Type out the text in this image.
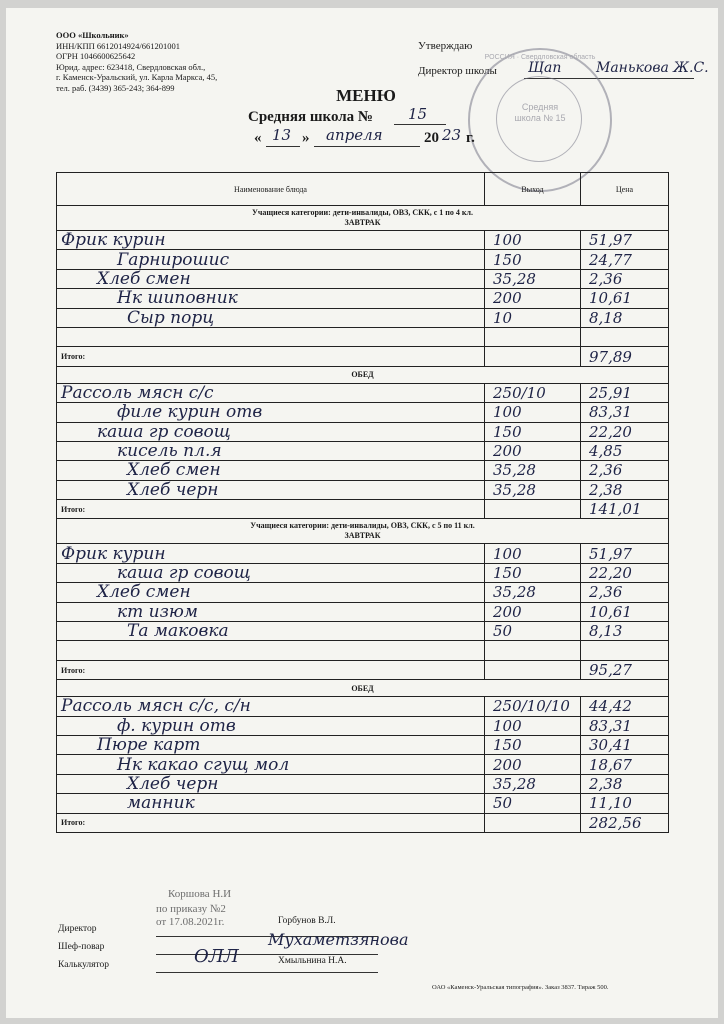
ООО «Школьник»
ИНН/КПП 6612014924/661201001
ОГРН 1046600625642
Юрид. адрес: 623418, Свердловская обл.,
г. Каменск-Уральский, ул. Карла Маркса, 45,
тел. раб. (3439) 365-243; 364-899
Утверждаю
Директор школы Щап Манькова Ж.С.
РОССИЯ · Свердловская область
Средняя школа № 15
МЕНЮ
Средняя школа № 15
« 13 » апреля	20 23 г.
Наименование блюда	Выход	Цена

Учащиеся категории: дети-инвалиды, ОВЗ, СКК, с 1 по 4 кл.
ЗАВТРАК		

Фрик курин	100	51,97

Гарнирошис	150	24,77

Хлеб смен	35,28	2,36

Нк шиповник	200	10,61

Сыр порц	10	8,18

Итого:		97,89

ОБЕД		

Рассоль мясн с/с	250/10	25,91

филе курин отв	100	83,31

каша гр совощ	150	22,20

кисель пл.я	200	4,85

Хлеб смен	35,28	2,36

Хлеб черн	35,28	2,38

Итого:		141,01

Учащиеся категории: дети-инвалиды, ОВЗ, СКК, с 5 по 11 кл.
ЗАВТРАК		

Фрик курин	100	51,97

каша гр совощ	150	22,20

Хлеб смен	35,28	2,36

кт изюм	200	10,61

Та маковка	50	8,13

Итого:		95,27

ОБЕД		

Рассоль мясн с/с, с/н	250/10/10	44,42

ф. курин отв	100	83,31

Пюре карт	150	30,41

Нк какао сгущ мол	200	18,67

Хлеб черн	35,28	2,38

манник	50	11,10

Итого:		282,56
Директор
Горбунов В.Л.
Шеф-повар	Мухаметзянова
Калькулятор	ОЛЛ	Хмыльнина Н.А.
Коршова Н.И
по приказу №2
от 17.08.2021г.
ОАО «Каменск-Уральская типография». Заказ 3837. Тираж 500.
